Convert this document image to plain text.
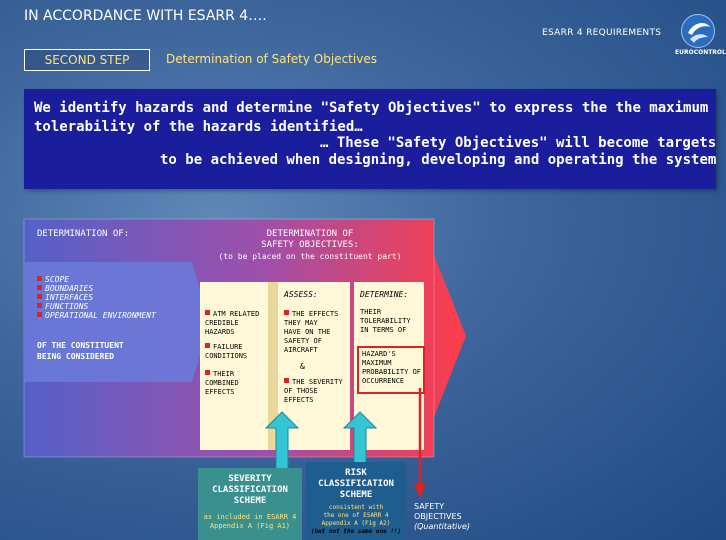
IN ACCORDANCE WITH ESARR 4….
ESARR 4 REQUIREMENTS
EUROCONTROL
SECOND STEP	Determination of Safety Objectives
We identify hazards and determine "Safety Objectives" to express the the maximum
tolerability of the hazards identified…
… These "Safety Objectives" will become targets
to be achieved when designing, developing and operating the system
DETERMINATION OF:
SCOPE
BOUNDARIES
INTERFACES
FUNCTIONS
OPERATIONAL ENVIRONMENT
OF THE CONSTITUENT
BEING CONSIDERED
DETERMINATION OF
SAFETY OBJECTIVES:
(to be placed on the constituent part)
ASSESS:
ATM RELATED
CREDIBLE
HAZARDS
FAILURE
CONDITIONS
THEIR
COMBINED
EFFECTS
THE EFFECTS
THEY MAY
HAVE ON THE
SAFETY OF
AIRCRAFT
&
THE SEVERITY
OF THOSE
EFFECTS
DETERMINE:
THEIR
TOLERABILITY
IN TERMS OF
HAZARD'S
MAXIMUM
PROBABILITY OF
OCCURRENCE
SEVERITY
CLASSIFICATION
SCHEME
as included in ESARR 4
Appendix A (Fig A1)
RISK
CLASSIFICATION
SCHEME
consistent with
the one of ESARR 4
Appendix A (Fig A2)
(but not the same one !!)
SAFETY
OBJECTIVES
(Quantitative)
